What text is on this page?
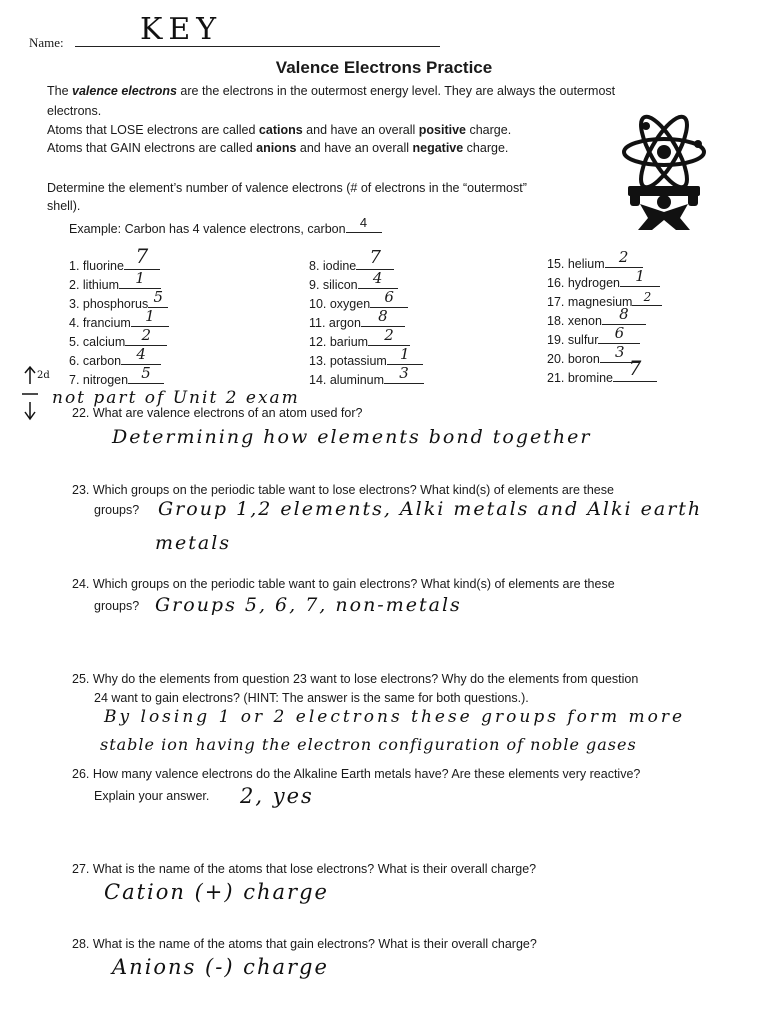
Name:	KEY
Valence Electrons Practice
The valence electrons are the electrons in the outermost energy level. They are always the outermost
electrons.
Atoms that LOSE electrons are called cations and have an overall positive charge.
Atoms that GAIN electrons are called anions and have an overall negative charge.
Determine the element’s number of valence electrons (# of electrons in the “outermost”
shell).
Example: Carbon has 4 valence electrons, carbon	4
1. fluorine 7
2. lithium	1
3. phosphorus 5
4. francium 1
5. calcium	2
6. carbon	4
7. nitrogen 5
8. iodine 7
9. silicon	4
10. oxygen 6
11. argon	8
12. barium	2
13. potassium 1
14. aluminum	3
15. helium 2
16. hydrogen	1
17. magnesium 2
18. xenon	8
19. sulfur	6
20. boron	3
21. bromine 7
2d
not part of Unit 2 exam
22. What are valence electrons of an atom used for?
Determining how elements bond together
23. Which groups on the periodic table want to lose electrons? What kind(s) of elements are these
groups? Group 1,2 elements, Alki metals and Alki earth
metals
24. Which groups on the periodic table want to gain electrons? What kind(s) of elements are these
groups? Groups 5, 6, 7, non-metals
25. Why do the elements from question 23 want to lose electrons? Why do the elements from question
24 want to gain electrons? (HINT: The answer is the same for both questions.).
By losing 1 or 2 electrons these groups form more
stable ion having the electron configuration of noble gases
26. How many valence electrons do the Alkaline Earth metals have? Are these elements very reactive?
Explain your answer. 2, yes
27. What is the name of the atoms that lose electrons? What is their overall charge?
Cation (+) charge
28. What is the name of the atoms that gain electrons? What is their overall charge?
Anions (-) charge
